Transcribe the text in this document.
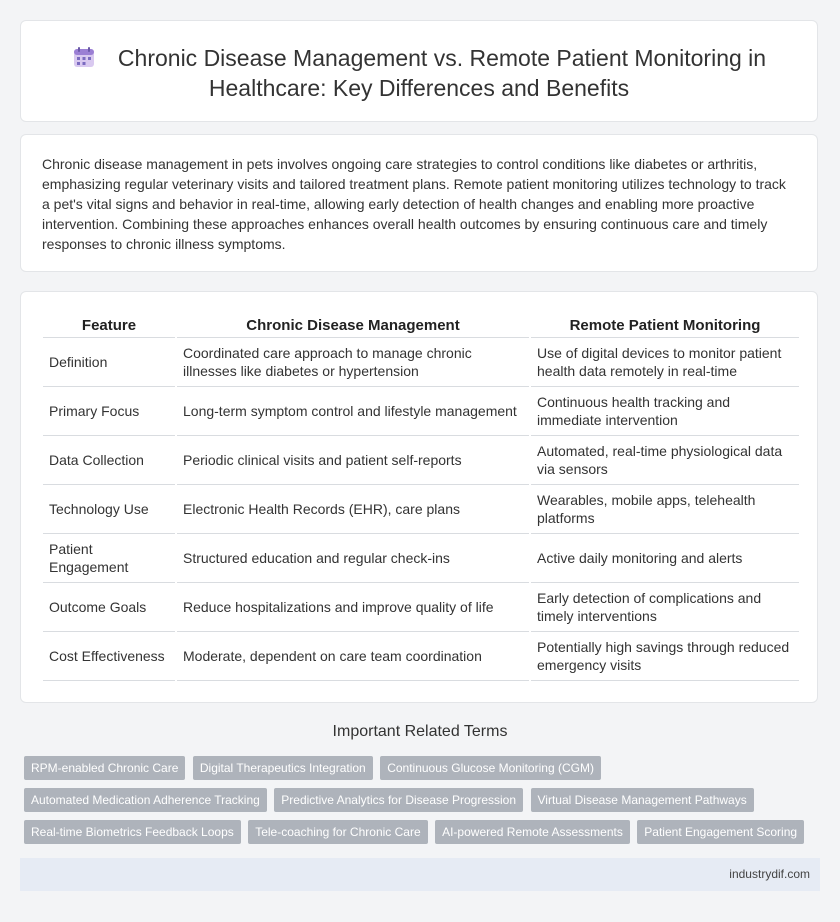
Chronic Disease Management vs. Remote Patient Monitoring in
Healthcare: Key Differences and Benefits
Chronic disease management in pets involves ongoing care strategies to control conditions like diabetes or arthritis, emphasizing regular veterinary visits and tailored treatment plans. Remote patient monitoring utilizes technology to track a pet's vital signs and behavior in real-time, allowing early detection of health changes and enabling more proactive intervention. Combining these approaches enhances overall health outcomes by ensuring continuous care and timely responses to chronic illness symptoms.
Feature	Chronic Disease Management	Remote Patient Monitoring
Definition	Coordinated care approach to manage chronic illnesses like diabetes or hypertension	Use of digital devices to monitor patient health data remotely in real-time
Primary Focus	Long-term symptom control and lifestyle management	Continuous health tracking and immediate intervention
Data Collection	Periodic clinical visits and patient self-reports	Automated, real-time physiological data via sensors
Technology Use	Electronic Health Records (EHR), care plans	Wearables, mobile apps, telehealth platforms
Patient Engagement	Structured education and regular check-ins	Active daily monitoring and alerts
Outcome Goals	Reduce hospitalizations and improve quality of life	Early detection of complications and timely interventions
Cost Effectiveness	Moderate, dependent on care team coordination	Potentially high savings through reduced emergency visits
Important Related Terms
RPM-enabled Chronic Care Digital Therapeutics Integration Continuous Glucose Monitoring (CGM) Automated Medication Adherence Tracking Predictive Analytics for Disease Progression Virtual Disease Management Pathways Real-time Biometrics Feedback Loops Tele-coaching for Chronic Care AI-powered Remote Assessments Patient Engagement Scoring
industrydif.com
